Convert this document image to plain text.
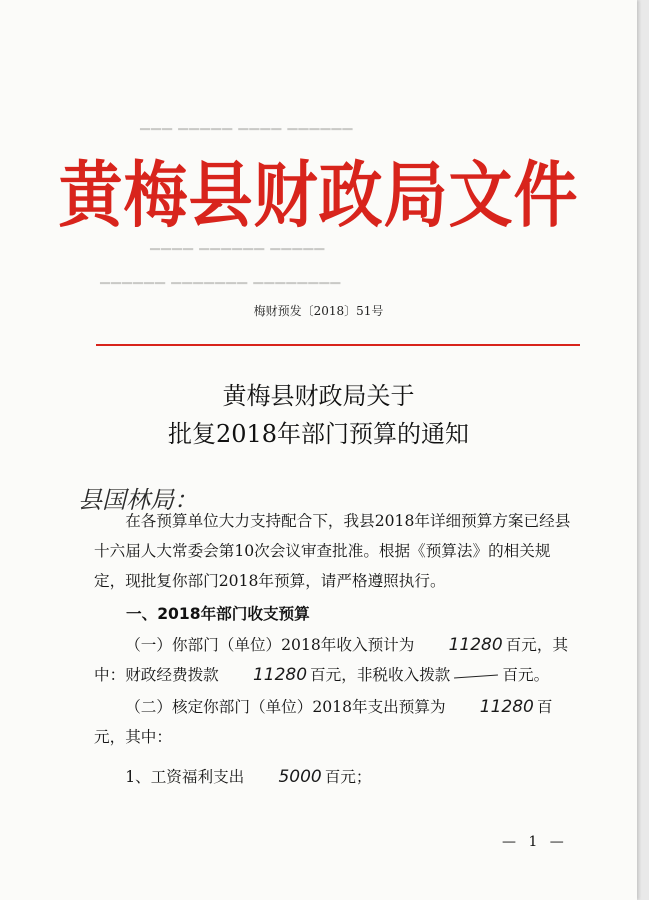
▁▁▁ ▁▁▁▁▁ ▁▁▁▁ ▁▁▁▁▁▁
▁▁▁▁ ▁▁▁▁▁▁ ▁▁▁▁▁
▁▁▁▁▁▁ ▁▁▁▁▁▁▁ ▁▁▁▁▁▁▁▁
黄梅县财政局文件
梅财预发〔2018〕51号
黄梅县财政局关于
批复2018年部门预算的通知
县国林局：
在各预算单位大力支持配合下，我县2018年详细预算方案已经县十六届人大常委会第10次会议审查批准。根据《预算法》的相关规定，现批复你部门2018年预算，请严格遵照执行。
一、2018年部门收支预算
（一）你部门（单位）2018年收入预计为 11280 百元，其中：财政经费拨款 11280 百元，非税收入拨款	百元。
（二）核定你部门（单位）2018年支出预算为 11280 百元，其中：
1、工资福利支出 5000 百元；
— 1 —
